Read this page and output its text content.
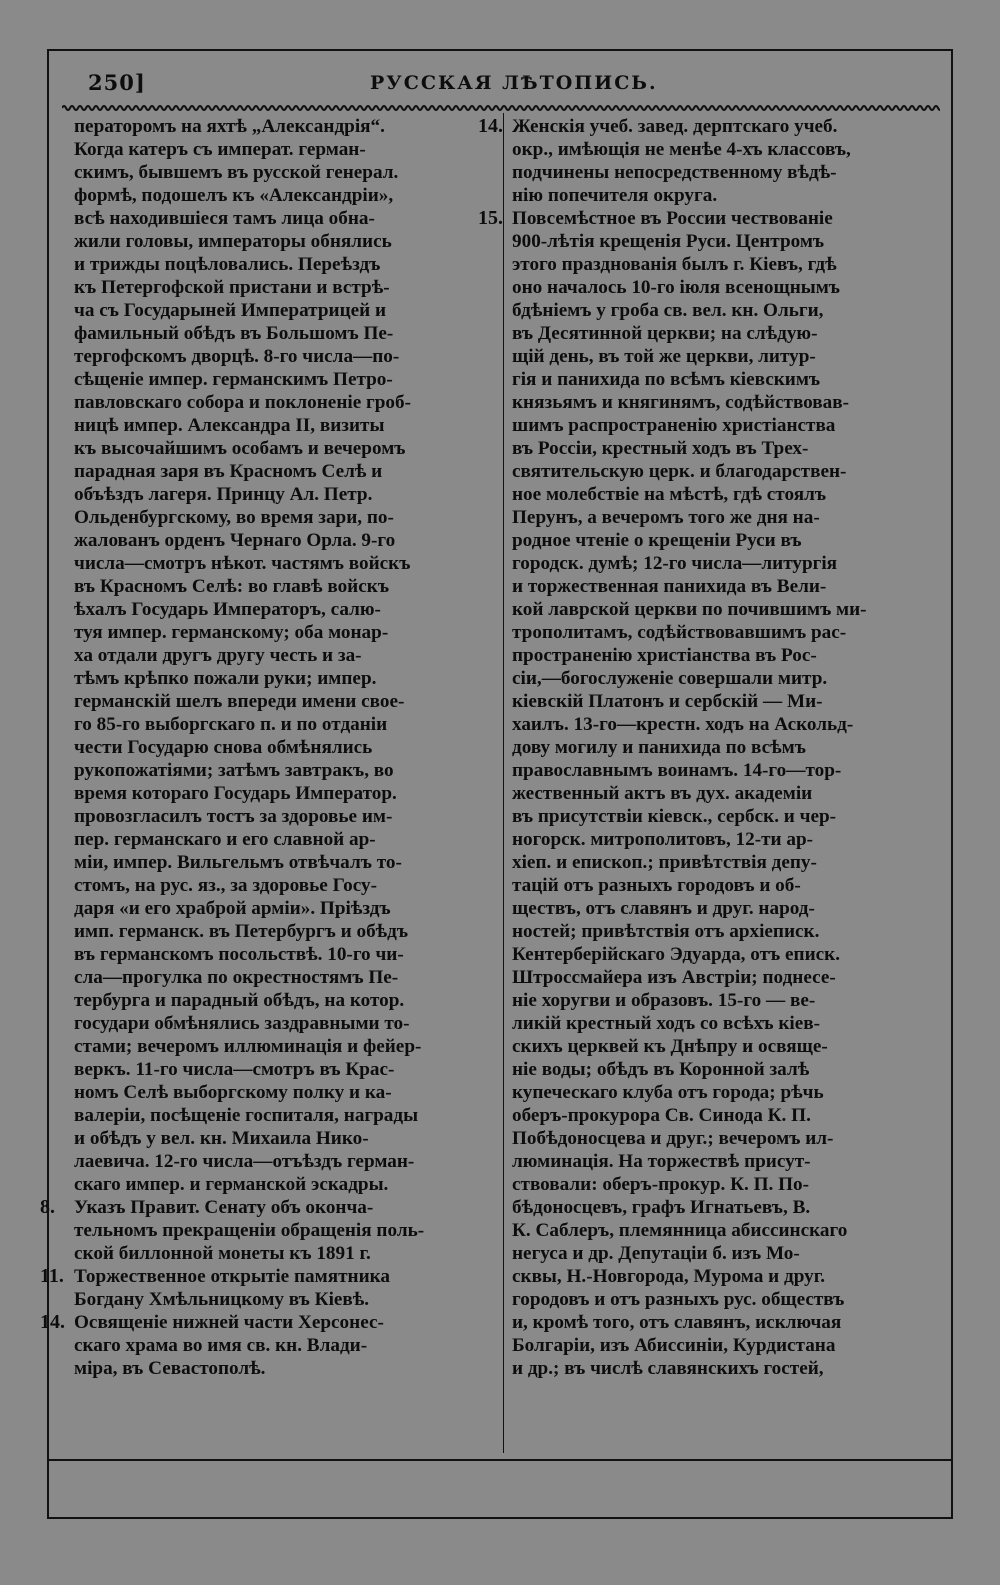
250]	РУССКАЯ ЛѢТОПИСЬ.
ператоромъ на яхтѣ „Александрія“.
Когда катеръ съ императ. герман-
скимъ, бывшемъ въ русской генерал.
формѣ, подошелъ къ «Александріи»,
всѣ находившіеся тамъ лица обна-
жили головы, императоры обнялись
и трижды поцѣловались. Переѣздъ
къ Петергофской пристани и встрѣ-
ча съ Государыней Императрицей и
фамильный обѣдъ въ Большомъ Пе-
тергофскомъ дворцѣ. 8-го числа—по-
сѣщеніе импер. германскимъ Петро-
павловскаго собора и поклоненіе гроб-
ницѣ импер. Александра II, визиты
къ высочайшимъ особамъ и вечеромъ
парадная заря въ Красномъ Селѣ и
объѣздъ лагеря. Принцу Ал. Петр.
Ольденбургскому, во время зари, по-
жалованъ орденъ Чернаго Орла. 9-го
числа—смотръ нѣкот. частямъ войскъ
въ Красномъ Селѣ: во главѣ войскъ
ѣхалъ Государь Императоръ, салю-
туя импер. германскому; оба монар-
ха отдали другъ другу честь и за-
тѣмъ крѣпко пожали руки; импер.
германскій шелъ впереди имени свое-
го 85-го выборгскаго п. и по отданіи
чести Государю снова обмѣнялись
рукопожатіями; затѣмъ завтракъ, во
время котораго Государь Император.
провозгласилъ тостъ за здоровье им-
пер. германскаго и его славной ар-
міи, импер. Вильгельмъ отвѣчалъ то-
стомъ, на рус. яз., за здоровье Госу-
даря «и его храброй арміи». Пріѣздъ
имп. германск. въ Петербургъ и обѣдъ
въ германскомъ посольствѣ. 10-го чи-
сла—прогулка по окрестностямъ Пе-
тербурга и парадный обѣдъ, на котор.
государи обмѣнялись заздравными то-
стами; вечеромъ иллюминація и фейер-
веркъ. 11-го числа—смотръ въ Крас-
номъ Селѣ выборгскому полку и ка-
валеріи, посѣщеніе госпиталя, награды
и обѣдъ у вел. кн. Михаила Нико-
лаевича. 12-го числа—отъѣздъ герман-
скаго импер. и германской эскадры.
8. Указъ Правит. Сенату объ оконча-
тельномъ прекращеніи обращенія поль-
ской биллонной монеты къ 1891 г.
11. Торжественное открытіе памятника
Богдану Хмѣльницкому въ Кіевѣ.
14. Освященіе нижней части Херсонес-
скаго храма во имя св. кн. Влади-
міра, въ Севастополѣ.
14. Женскія учеб. завед. дерптскаго учеб.
окр., имѣющія не менѣе 4-хъ классовъ,
подчинены непосредственному вѣдѣ-
нію попечителя округа.
15. Повсемѣстное въ России чествованіе
900-лѣтія крещенія Руси. Центромъ
этого празднованія былъ г. Кіевъ, гдѣ
оно началось 10-го іюля всенощнымъ
бдѣніемъ у гроба св. вел. кн. Ольги,
въ Десятинной церкви; на слѣдую-
щій день, въ той же церкви, литур-
гія и панихида по всѣмъ кіевскимъ
князьямъ и княгинямъ, содѣйствовав-
шимъ распространенію христіанства
въ Россіи, крестный ходъ въ Трех-
святительскую церк. и благодарствен-
ное молебствіе на мѣстѣ, гдѣ стоялъ
Перунъ, а вечеромъ того же дня на-
родное чтеніе о крещеніи Руси въ
городск. думѣ; 12-го числа—литургія
и торжественная панихида въ Вели-
кой лаврской церкви по почившимъ ми-
трополитамъ, содѣйствовавшимъ рас-
пространенію христіанства въ Рос-
сіи,—богослуженіе совершали митр.
кіевскій Платонъ и сербскій — Ми-
хаилъ. 13-го—крестн. ходъ на Аскольд-
дову могилу и панихида по всѣмъ
православнымъ воинамъ. 14-го—тор-
жественный актъ въ дух. академіи
въ присутствіи кіевск., сербск. и чер-
ногорск. митрополитовъ, 12-ти ар-
хіеп. и епископ.; привѣтствія депу-
тацій отъ разныхъ городовъ и об-
ществъ, отъ славянъ и друг. народ-
ностей; привѣтствія отъ архіеписк.
Кентерберійскаго Эдуарда, отъ еписк.
Штроссмайера изъ Австріи; поднесе-
ніе хоругви и образовъ. 15-го — ве-
ликій крестный ходъ со всѣхъ кіев-
скихъ церквей къ Днѣпру и освяще-
ніе воды; обѣдъ въ Коронной залѣ
купеческаго клуба отъ города; рѣчь
оберъ-прокурора Св. Синода К. П.
Побѣдоносцева и друг.; вечеромъ ил-
люминація. На торжествѣ присут-
ствовали: оберъ-прокур. К. П. По-
бѣдоносцевъ, графъ Игнатьевъ, В.
К. Саблеръ, племянница абиссинскаго
негуса и др. Депутаціи б. изъ Мо-
сквы, Н.-Новгорода, Мурома и друг.
городовъ и отъ разныхъ рус. обществъ
и, кромѣ того, отъ славянъ, исключая
Болгаріи, изъ Абиссиніи, Курдистана
и др.; въ числѣ славянскихъ гостей,
